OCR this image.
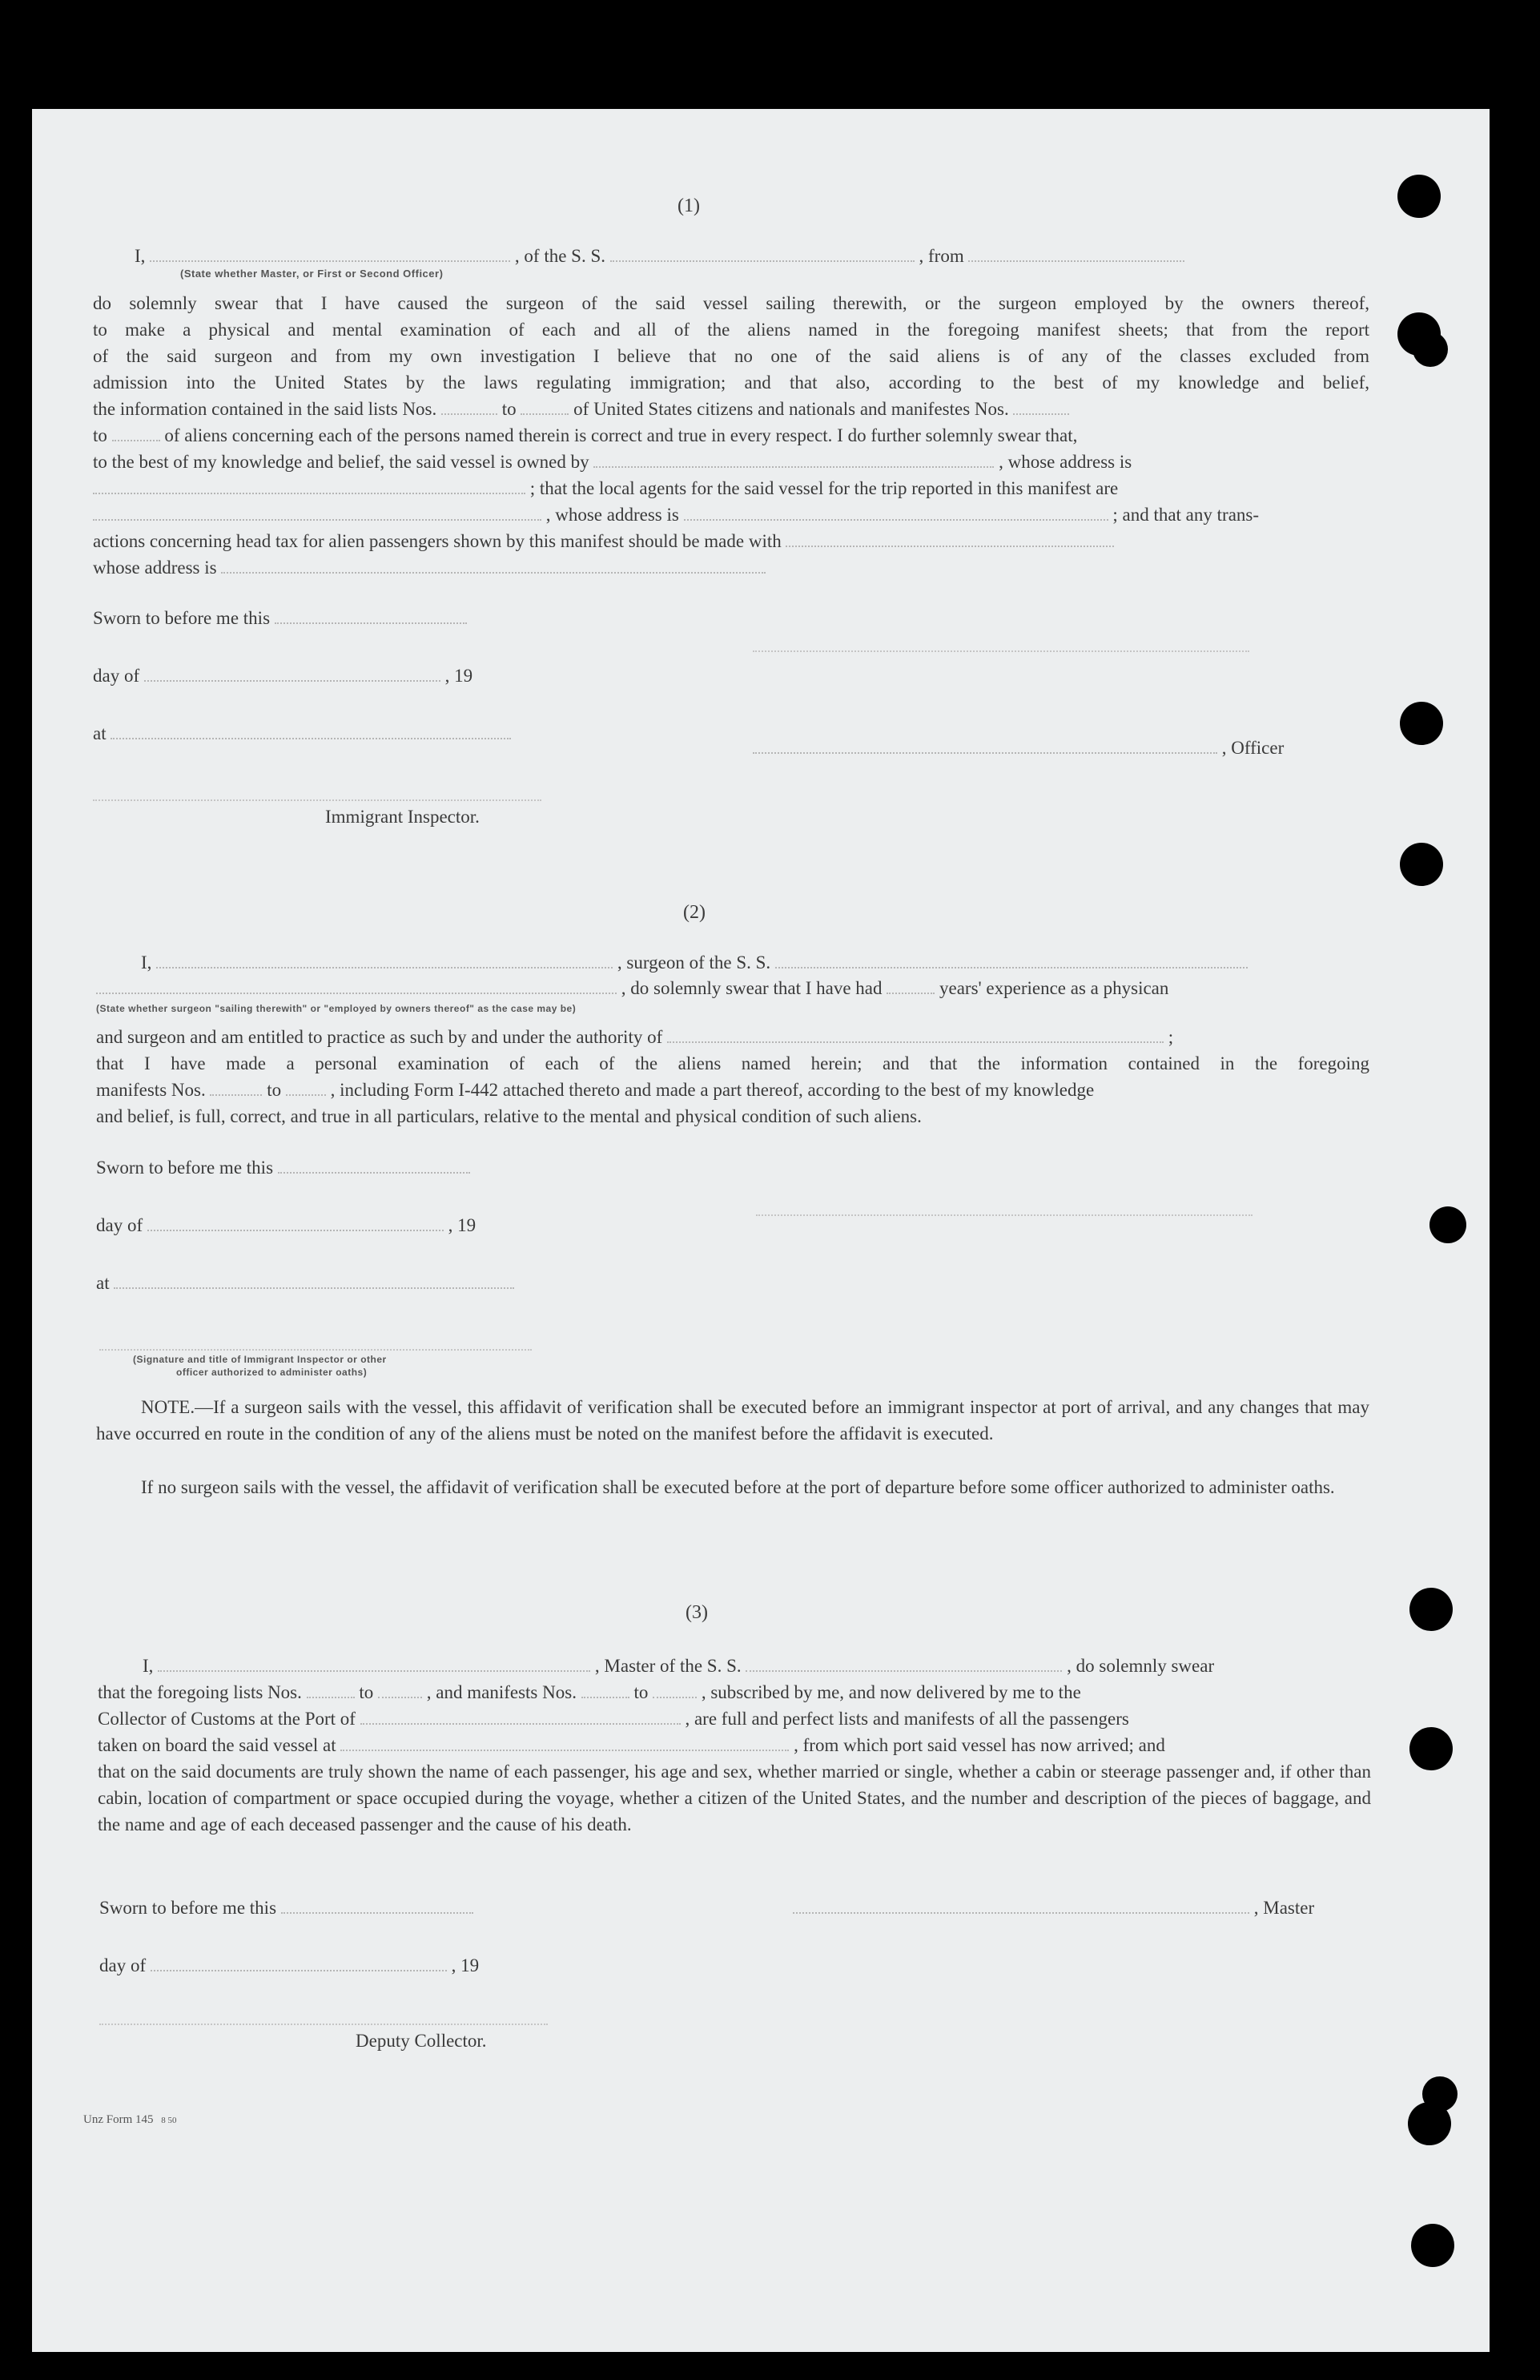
(1)
I,	, of the S. S.	, from
(State whether Master, or First or Second Officer)
do solemnly swear that I have caused the surgeon of the said vessel sailing therewith, or the surgeon employed by the owners thereof,
to make a physical and mental examination of each and all of the aliens named in the foregoing manifest sheets; that from the report
of the said surgeon and from my own investigation I believe that no one of the said aliens is of any of the classes excluded from
admission into the United States by the laws regulating immigration; and that also, according to the best of my knowledge and belief,
the information contained in the said lists Nos.	to	of United States citizens and nationals and manifestes Nos.
to	of aliens concerning each of the persons named therein is correct and true in every respect. I do further solemnly swear that,
to the best of my knowledge and belief, the said vessel is owned by	, whose address is
; that the local agents for the said vessel for the trip reported in this manifest are
, whose address is	; and that any trans-
actions concerning head tax for alien passengers shown by this manifest should be made with
whose address is
Sworn to before me this
day of	, 19
at
, Officer
Immigrant Inspector.
(2)
I,	, surgeon of the S. S.
, do solemnly swear that I have had	years' experience as a physican
(State whether surgeon "sailing therewith" or "employed by owners thereof" as the case may be)
and surgeon and am entitled to practice as such by and under the authority of	;
that I have made a personal examination of each of the aliens named herein; and that the information contained in the foregoing
manifests Nos.	to	, including Form I-442 attached thereto and made a part thereof, according to the best of my knowledge
and belief, is full, correct, and true in all particulars, relative to the mental and physical condition of such aliens.
Sworn to before me this
day of	, 19
at
(Signature and title of Immigrant Inspector or other
officer authorized to administer oaths)
NOTE.—If a surgeon sails with the vessel, this affidavit of verification shall be executed before an immigrant inspector at port of arrival, and any changes that may have occurred en route in the condition of any of the aliens must be noted on the manifest before the affidavit is executed.
If no surgeon sails with the vessel, the affidavit of verification shall be executed before at the port of departure before some officer authorized to administer oaths.
(3)
I,	, Master of the S. S.	, do solemnly swear
that the foregoing lists Nos.	to	, and manifests Nos.	to	, subscribed by me, and now delivered by me to the
Collector of Customs at the Port of	, are full and perfect lists and manifests of all the passengers
taken on board the said vessel at	, from which port said vessel has now arrived; and
that on the said documents are truly shown the name of each passenger, his age and sex, whether married or single, whether a cabin or steerage passenger and, if other than cabin, location of compartment or space occupied during the voyage, whether a citizen of the United States, and the number and description of the pieces of baggage, and the name and age of each deceased passenger and the cause of his death.
Sworn to before me this	, Master
day of	, 19
Deputy Collector.
Unz Form 145 8 50
